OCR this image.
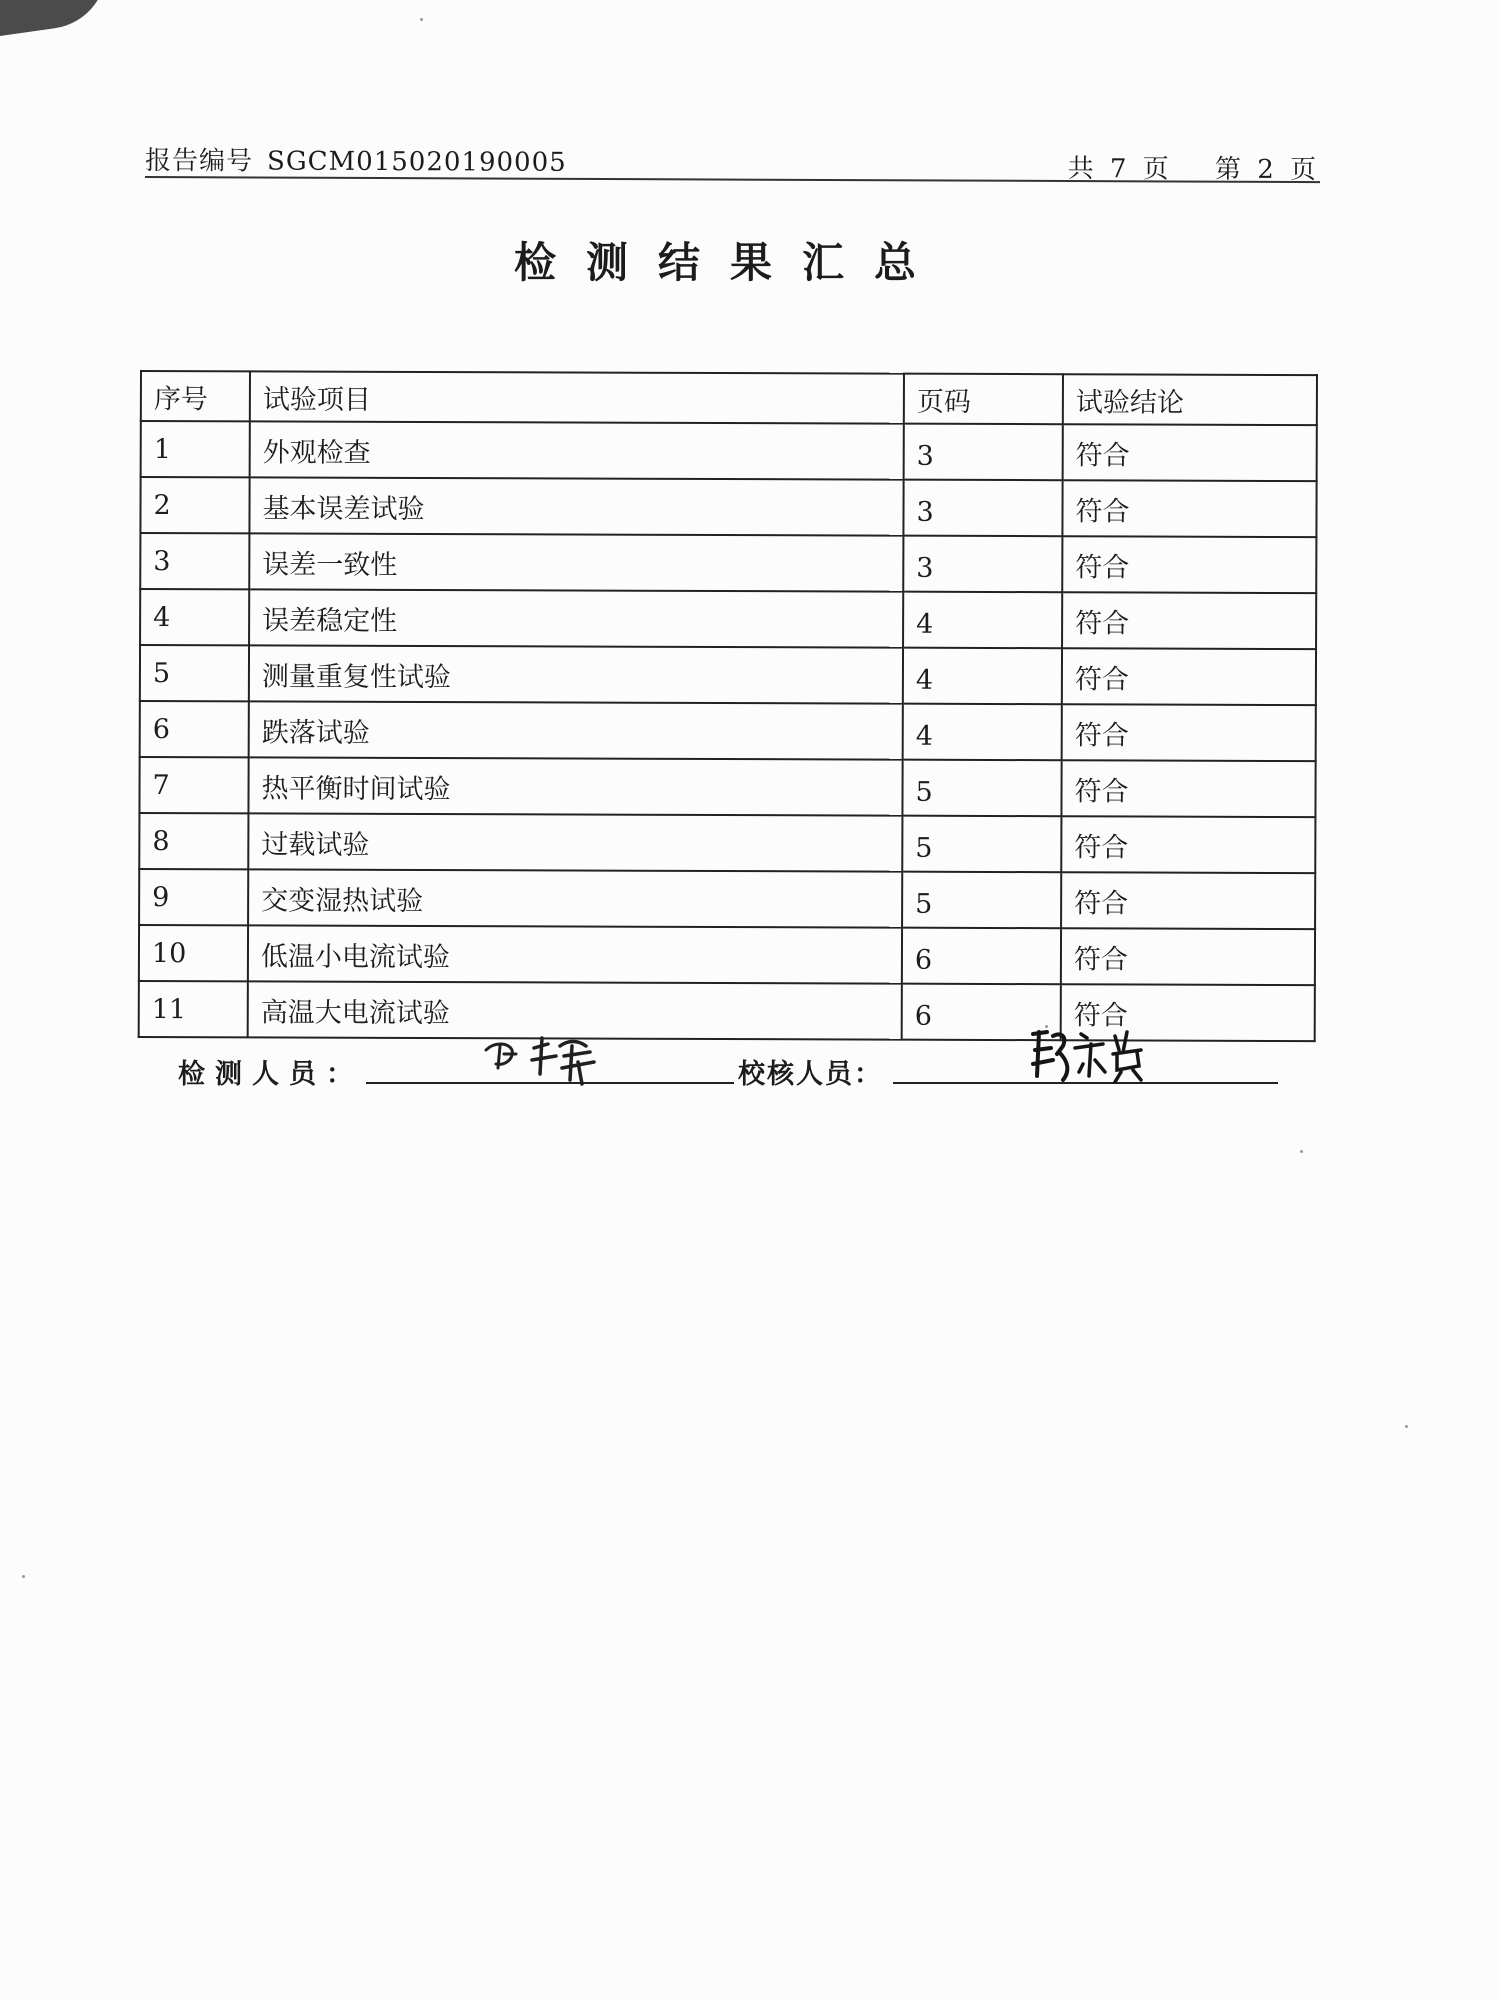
报告编号 SGCM015020190005	共 7 页 第 2 页
检测结果汇总
序号	试验项目	页码	试验结论
1	外观检查	3	符合
2	基本误差试验	3	符合
3	误差一致性	3	符合
4	误差稳定性	4	符合
5	测量重复性试验	4	符合
6	跌落试验	4	符合
7	热平衡时间试验	5	符合
8	过载试验	5	符合
9	交变湿热试验	5	符合
10	低温小电流试验	6	符合
11	高温大电流试验	6	符合
检测人员：	校核人员：
